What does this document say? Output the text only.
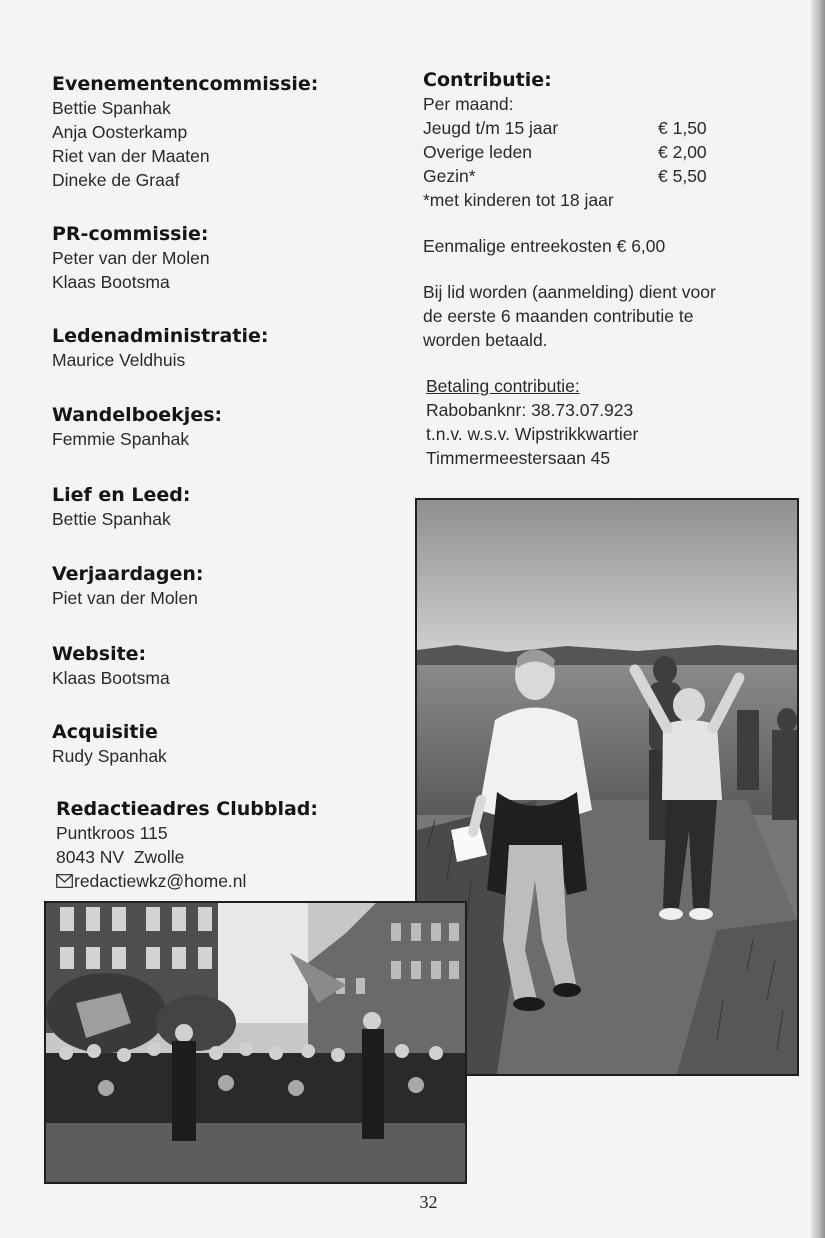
Evenementencommissie:

Bettie Spanhak

Anja Oosterkamp

Riet van der Maaten

Dineke de Graaf

PR-commissie:

Peter van der Molen

Klaas Bootsma

Ledenadministratie:

Maurice Veldhuis

Wandelboekjes:

Femmie Spanhak

Lief en Leed:

Bettie Spanhak

Verjaardagen:

Piet van der Molen

Website:

Klaas Bootsma

Acquisitie

Rudy Spanhak

Redactieadres Clubblad:

Puntkroos 115

8043 NV  Zwolle

redactiewkz@home.nl

Contributie:

Per maand:

Jeugd t/m 15 jaar	€ 1,50
Overige leden	€ 2,00
Gezin*	€ 5,50

*met kinderen tot 18 jaar

Eenmalige entreekosten € 6,00

Bij lid worden (aanmelding) dient voor

de eerste 6 maanden contributie te

worden betaald.

Betaling contributie:

Rabobanknr: 38.73.07.923

t.n.v. w.s.v. Wipstrikkwartier

Timmermeestersaan 45

32
